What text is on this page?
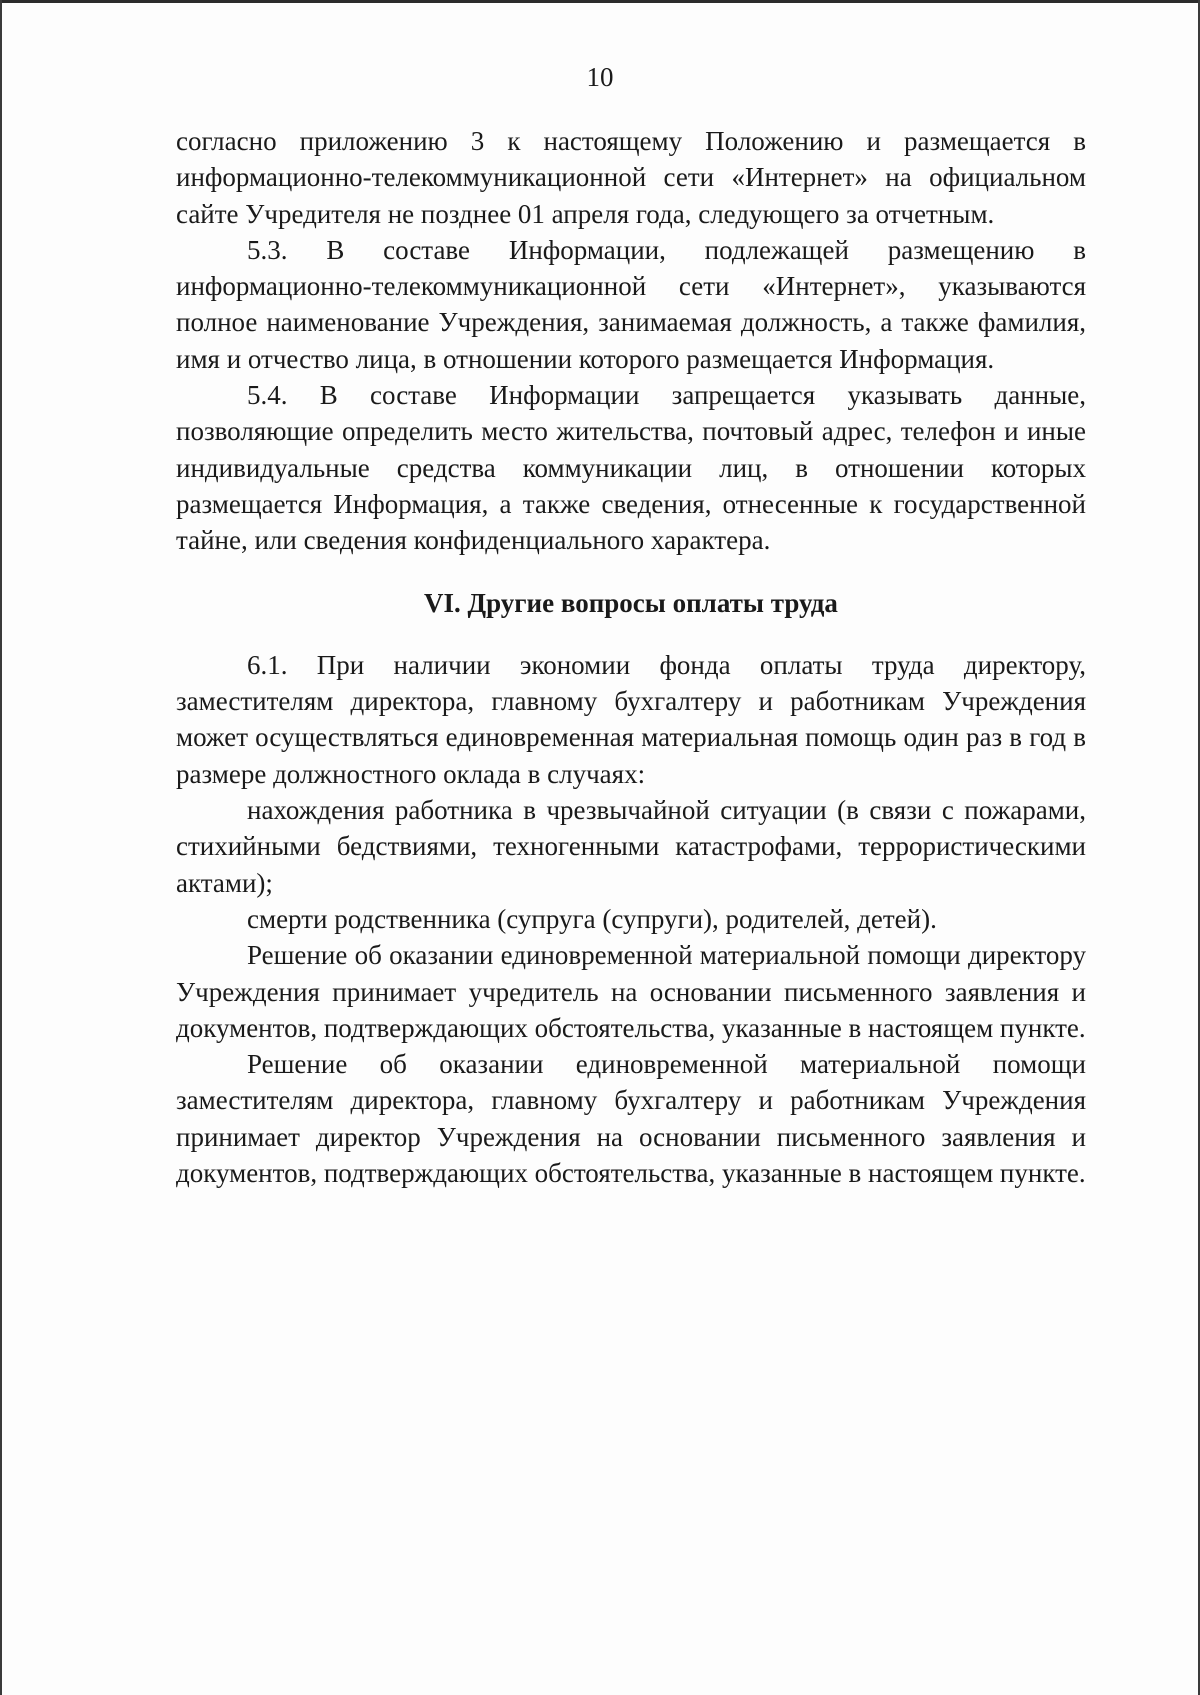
10

согласно приложению 3 к настоящему Положению и размещается в информационно-телекоммуникационной сети «Интернет» на официальном сайте Учредителя не позднее 01 апреля года, следующего за отчетным.

5.3. В составе Информации, подлежащей размещению в информационно-телекоммуникационной сети «Интернет», указываются полное наименование Учреждения, занимаемая должность, а также фамилия, имя и отчество лица, в отношении которого размещается Информация.

5.4. В составе Информации запрещается указывать данные, позволяющие определить место жительства, почтовый адрес, телефон и иные индивидуальные средства коммуникации лиц, в отношении которых размещается Информация, а также сведения, отнесенные к государственной тайне, или сведения конфиденциального характера.

VI. Другие вопросы оплаты труда

6.1. При наличии экономии фонда оплаты труда директору, заместителям директора, главному бухгалтеру и работникам Учреждения может осуществляться единовременная материальная помощь один раз в год в размере должностного оклада в случаях:

нахождения работника в чрезвычайной ситуации (в связи с пожарами, стихийными бедствиями, техногенными катастрофами, террористическими актами);

смерти родственника (супруга (супруги), родителей, детей).

Решение об оказании единовременной материальной помощи директору Учреждения принимает учредитель на основании письменного заявления и документов, подтверждающих обстоятельства, указанные в настоящем пункте.

Решение об оказании единовременной материальной помощи заместителям директора, главному бухгалтеру и работникам Учреждения принимает директор Учреждения на основании письменного заявления и документов, подтверждающих обстоятельства, указанные в настоящем пункте.
